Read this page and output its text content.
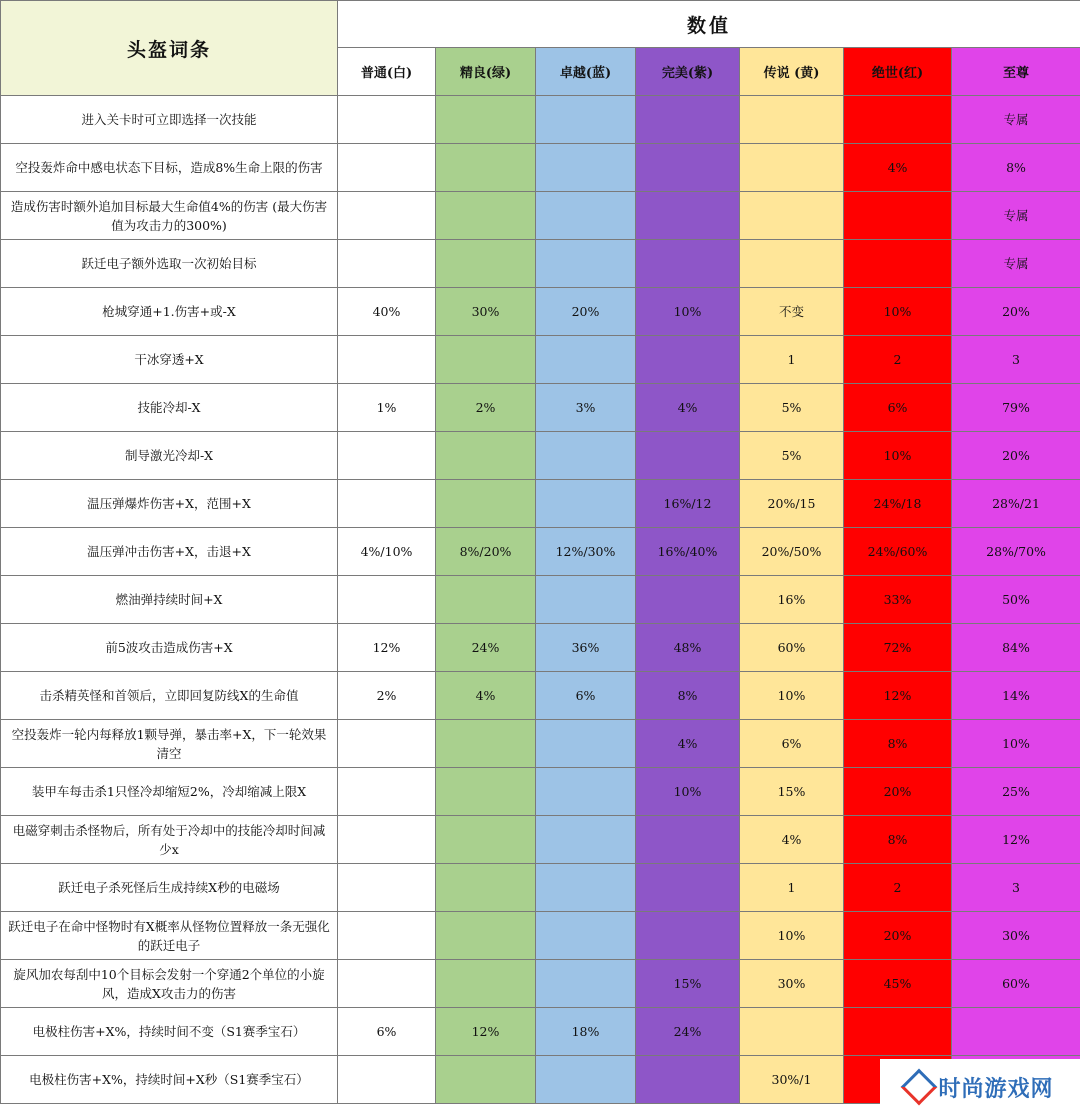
头盔词条	数值						
	普通(白)	精良(绿)	卓越(蓝)	完美(紫)	传说 (黄)	绝世(红)	至尊
进入关卡时可立即选择一次技能							专属
空投轰炸命中感电状态下目标，造成8%生命上限的伤害						4%	8%
造成伤害时额外追加目标最大生命值4%的伤害 (最大伤害值为攻击力的300%)							专属
跃迁电子额外选取一次初始目标							专属
枪城穿通+1.伤害+或-X	40%	30%	20%	10%	不变	10%	20%
干冰穿透+X					1	2	3
技能冷却-X	1%	2%	3%	4%	5%	6%	79%
制导激光冷却-X					5%	10%	20%
温压弹爆炸伤害+X，范围+X				16%/12	20%/15	24%/18	28%/21
温压弹冲击伤害+X，击退+X	4%/10%	8%/20%	12%/30%	16%/40%	20%/50%	24%/60%	28%/70%
燃油弹持续时间+X					16%	33%	50%
前5波攻击造成伤害+X	12%	24%	36%	48%	60%	72%	84%
击杀精英怪和首领后，立即回复防线X的生命值	2%	4%	6%	8%	10%	12%	14%
空投轰炸一轮内每释放1颗导弹，暴击率+X，下一轮效果清空				4%	6%	8%	10%
装甲车每击杀1只怪冷却缩短2%，冷却缩减上限X				10%	15%	20%	25%
电磁穿刺击杀怪物后，所有处于冷却中的技能冷却时间减少x					4%	8%	12%
跃迁电子杀死怪后生成持续X秒的电磁场					1	2	3
跃迁电子在命中怪物时有X概率从怪物位置释放一条无强化的跃迁电子					10%	20%	30%
旋风加农每刮中10个目标会发射一个穿通2个单位的小旋风，造成X攻击力的伤害				15%	30%	45%	60%
电极柱伤害+X%，持续时间不变（S1赛季宝石）	6%	12%	18%	24%			
电极柱伤害+X%，持续时间+X秒（S1赛季宝石）					30%/1			时尚游戏网
